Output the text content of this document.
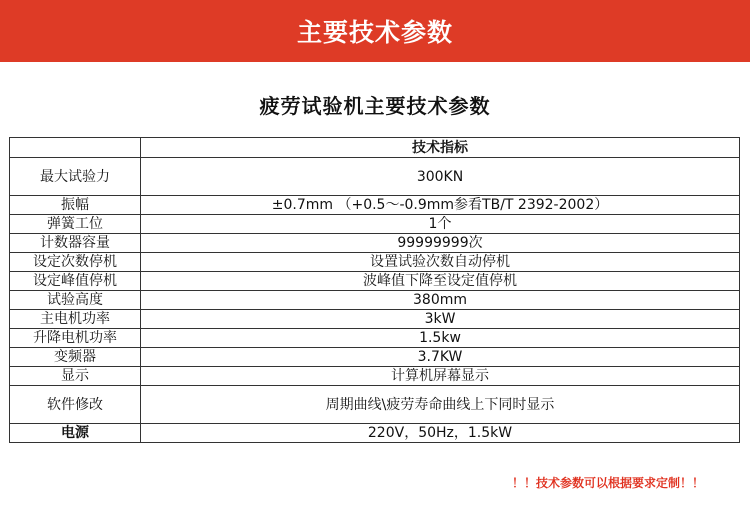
主要技术参数
疲劳试验机主要技术参数
	技术指标
最大试验力	300KN
振幅	±0.7mm （+0.5～-0.9mm参看TB/T 2392-2002）
弹簧工位	1个
计数器容量	99999999次
设定次数停机	设置试验次数自动停机
设定峰值停机	波峰值下降至设定值停机
试验高度	380mm
主电机功率	3kW
升降电机功率	1.5kw
变频器	3.7KW
显示	计算机屏幕显示
软件修改	周期曲线\疲劳寿命曲线上下同时显示
电源	220V，50Hz，1.5kW
！！技术参数可以根据要求定制！！
